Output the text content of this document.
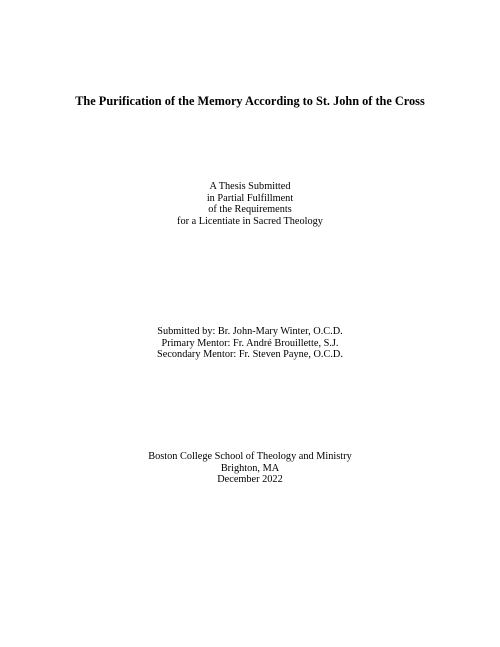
The Purification of the Memory According to St. John of the Cross
A Thesis Submitted
in Partial Fulfillment
of the Requirements
for a Licentiate in Sacred Theology
Submitted by: Br. John-Mary Winter, O.C.D.
Primary Mentor: Fr. André Brouillette, S.J.
Secondary Mentor: Fr. Steven Payne, O.C.D.
Boston College School of Theology and Ministry
Brighton, MA
December 2022
